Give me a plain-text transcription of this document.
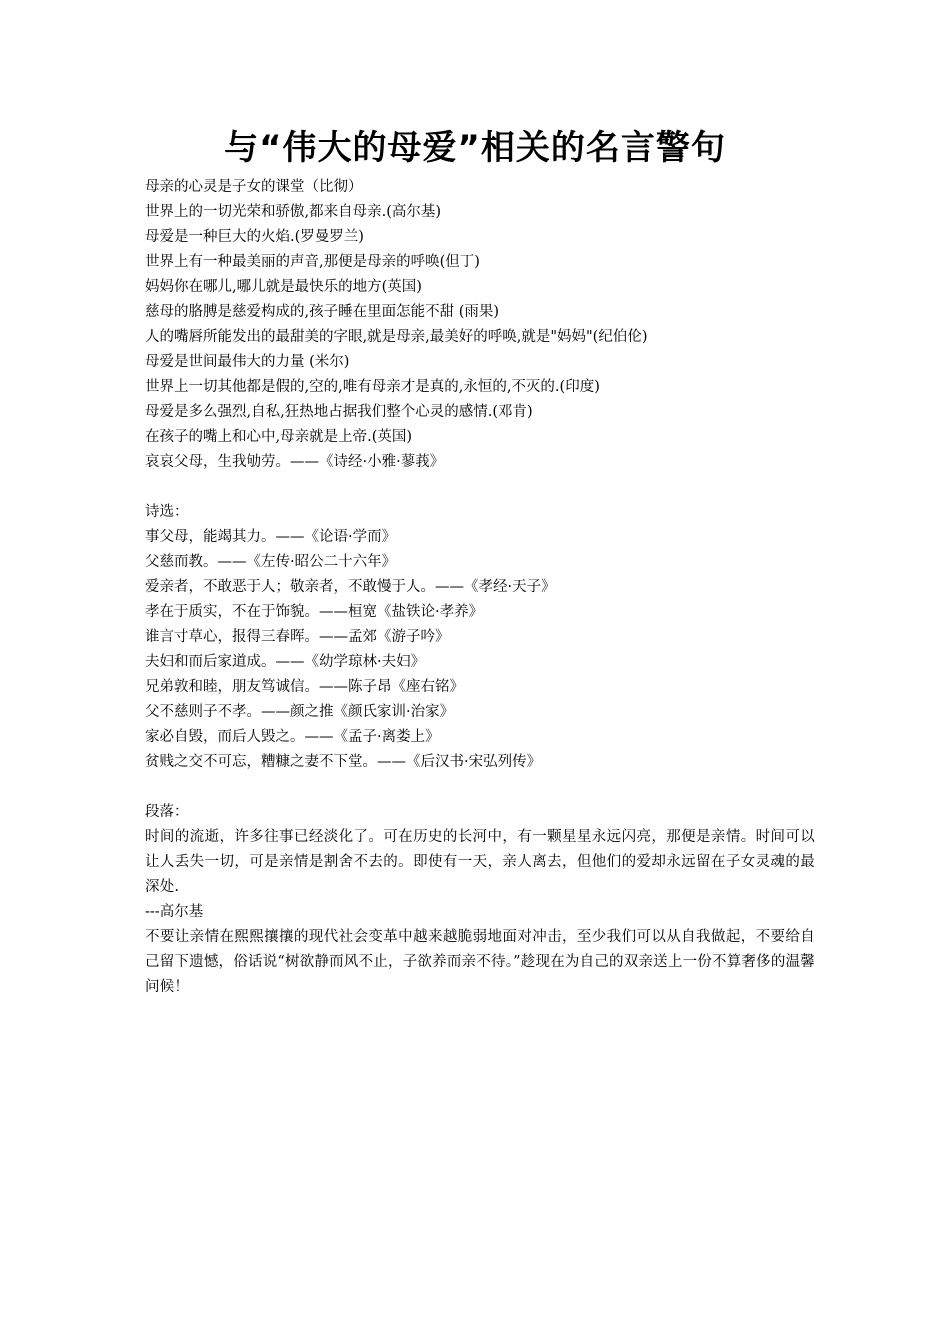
与“伟大的母爱”相关的名言警句
母亲的心灵是子女的课堂（比彻）
世界上的一切光荣和骄傲,都来自母亲.(高尔基)
母爱是一种巨大的火焰.(罗曼罗兰)
世界上有一种最美丽的声音,那便是母亲的呼唤(但丁)
妈妈你在哪儿,哪儿就是最快乐的地方(英国)
慈母的胳膊是慈爱构成的,孩子睡在里面怎能不甜 (雨果)
人的嘴唇所能发出的最甜美的字眼,就是母亲,最美好的呼唤,就是"妈妈"(纪伯伦)
母爱是世间最伟大的力量 (米尔)
世界上一切其他都是假的,空的,唯有母亲才是真的,永恒的,不灭的.(印度)
母爱是多么强烈,自私,狂热地占据我们整个心灵的感情.(邓肯)
在孩子的嘴上和心中,母亲就是上帝.(英国)
哀哀父母，生我劬劳。——《诗经·小雅·蓼莪》
诗选：
事父母，能竭其力。——《论语·学而》
父慈而教。——《左传·昭公二十六年》
爱亲者，不敢恶于人；敬亲者，不敢慢于人。——《孝经·天子》
孝在于质实，不在于饰貌。——桓宽《盐铁论·孝养》
谁言寸草心，报得三春晖。——孟郊《游子吟》
夫妇和而后家道成。——《幼学琼林·夫妇》
兄弟敦和睦，朋友笃诚信。——陈子昂《座右铭》
父不慈则子不孝。——颜之推《颜氏家训·治家》
家必自毁，而后人毁之。——《孟子·离娄上》
贫贱之交不可忘，糟糠之妻不下堂。——《后汉书·宋弘列传》
段落：
时间的流逝，许多往事已经淡化了。可在历史的长河中，有一颗星星永远闪亮，那便是亲情。时间可以让人丢失一切，可是亲情是割舍不去的。即使有一天，亲人离去，但他们的爱却永远留在子女灵魂的最深处.
---高尔基
不要让亲情在熙熙攘攘的现代社会变革中越来越脆弱地面对冲击，至少我们可以从自我做起，不要给自己留下遗憾，俗话说“树欲静而风不止，子欲养而亲不待。”趁现在为自己的双亲送上一份不算奢侈的温馨问候！
